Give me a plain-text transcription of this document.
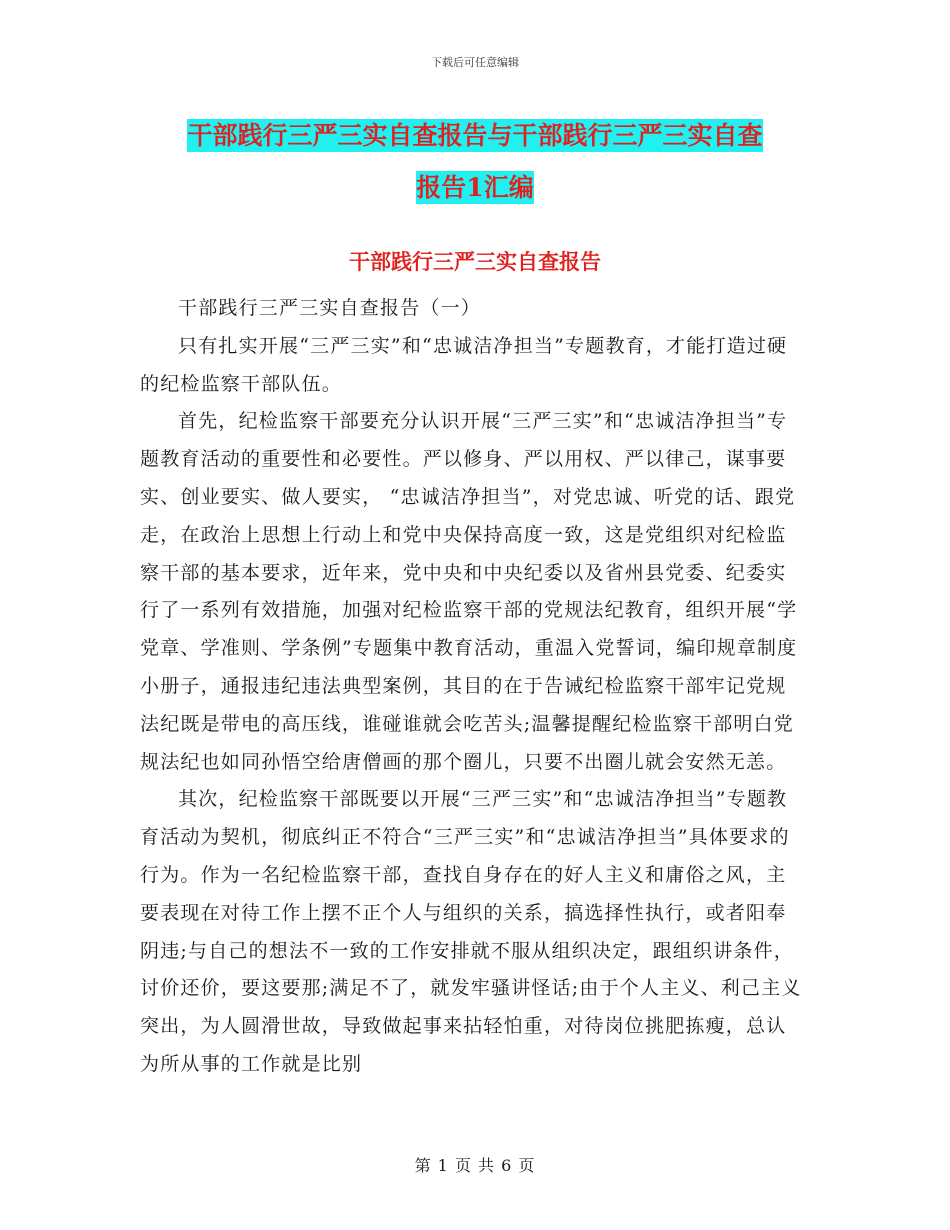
下载后可任意编辑
干部践行三严三实自查报告与干部践行三严三实自查
报告1汇编
干部践行三严三实自查报告

干部践行三严三实自查报告（一）

只有扎实开展“三严三实”和“忠诚洁净担当”专题教育，才能打造过硬的纪检监察干部队伍。

首先，纪检监察干部要充分认识开展“三严三实”和“忠诚洁净担当”专题教育活动的重要性和必要性。严以修身、严以用权、严以律己，谋事要实、创业要实、做人要实， “忠诚洁净担当”，对党忠诚、听党的话、跟党走，在政治上思想上行动上和党中央保持高度一致，这是党组织对纪检监察干部的基本要求，近年来，党中央和中央纪委以及省州县党委、纪委实行了一系列有效措施，加强对纪检监察干部的党规法纪教育，组织开展“学党章、学准则、学条例”专题集中教育活动，重温入党誓词，编印规章制度小册子，通报违纪违法典型案例，其目的在于告诫纪检监察干部牢记党规法纪既是带电的高压线，谁碰谁就会吃苦头;温馨提醒纪检监察干部明白党规法纪也如同孙悟空给唐僧画的那个圈儿，只要不出圈儿就会安然无恙。

其次，纪检监察干部既要以开展“三严三实”和“忠诚洁净担当”专题教育活动为契机，彻底纠正不符合“三严三实”和“忠诚洁净担当”具体要求的行为。作为一名纪检监察干部，查找自身存在的好人主义和庸俗之风，主要表现在对待工作上摆不正个人与组织的关系，搞选择性执行，或者阳奉阴违;与自己的想法不一致的工作安排就不服从组织决定，跟组织讲条件，讨价还价，要这要那;满足不了，就发牢骚讲怪话;由于个人主义、利己主义突出，为人圆滑世故，导致做起事来拈轻怕重，对待岗位挑肥拣瘦，总认为所从事的工作就是比别

第 1 页 共 6 页
